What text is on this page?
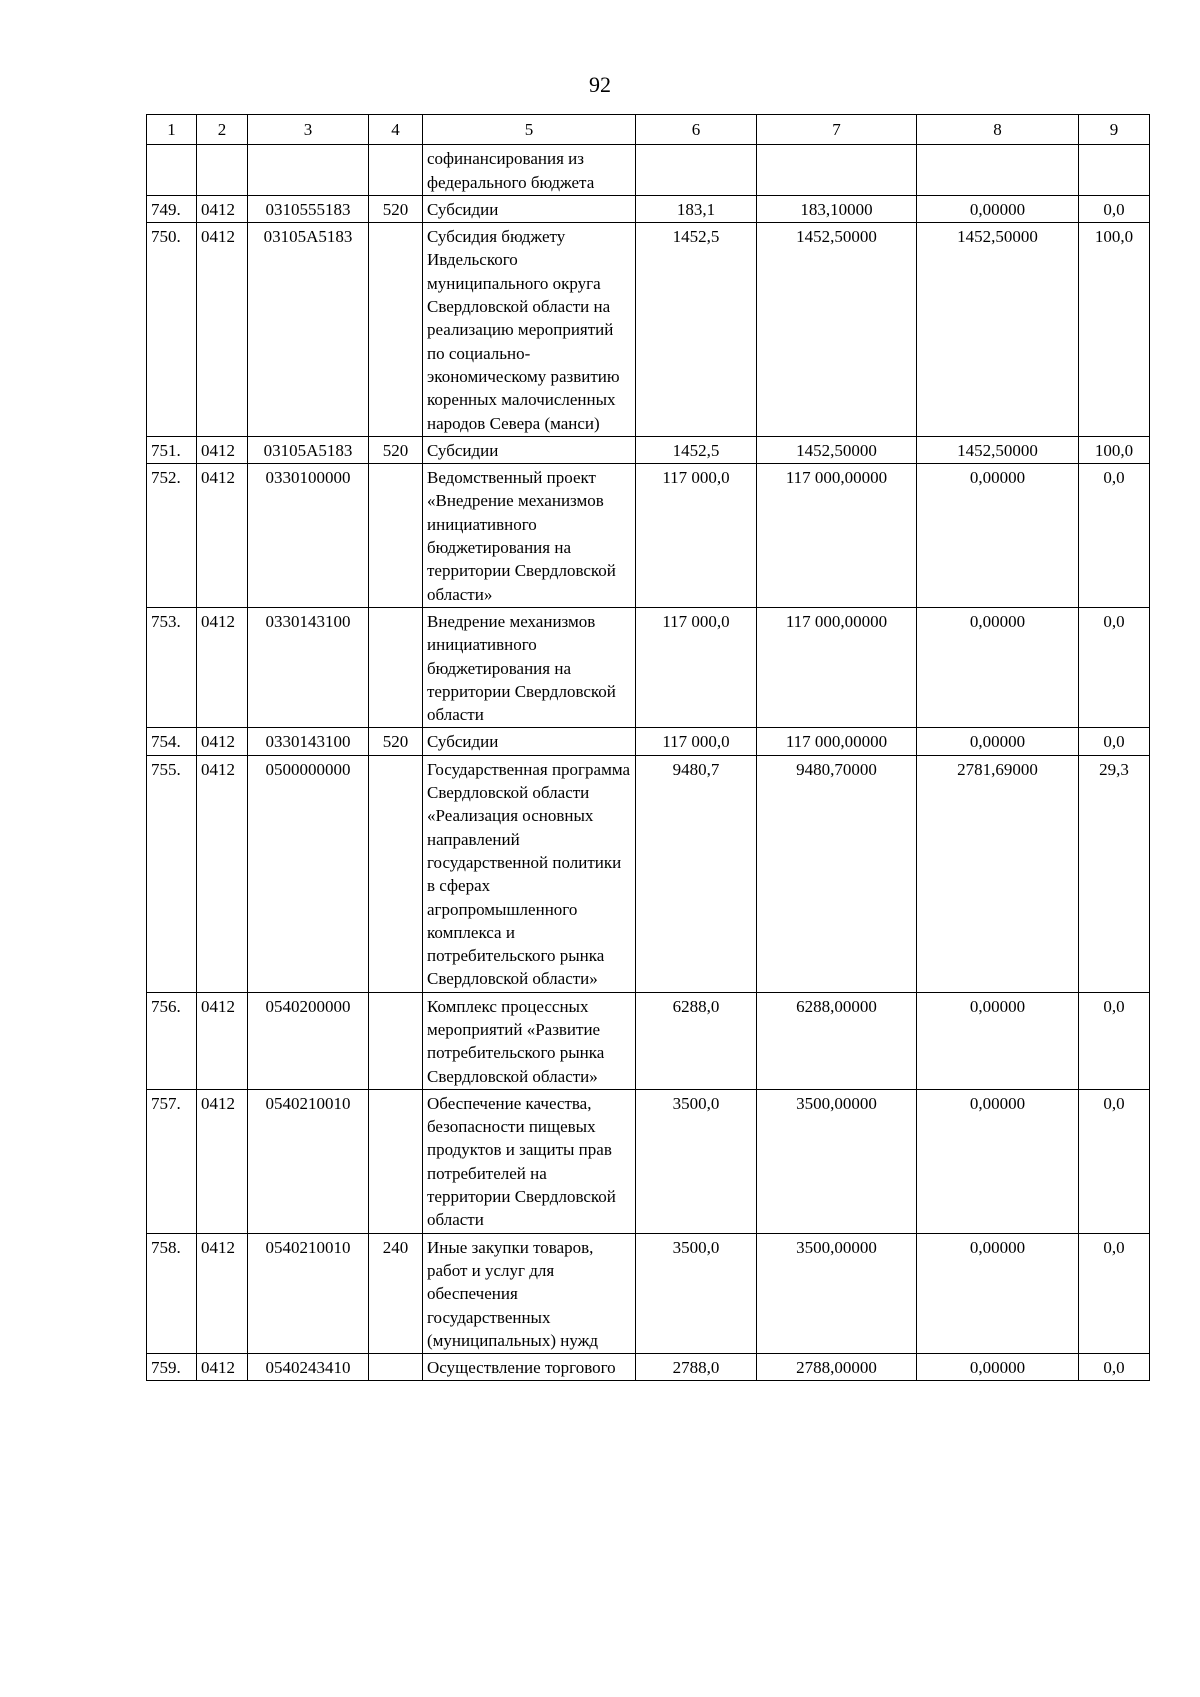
92
1	2	3	4	5	6	7	8	9
				софинансирования из федерального бюджета				
749.	0412	0310555183	520	Субсидии	183,1	183,10000	0,00000	0,0
750.	0412	03105А5183		Субсидия бюджету Ивдельского муниципального округа Свердловской области на реализацию мероприятий по социально-экономическому развитию коренных малочисленных народов Севера (манси)	1452,5	1452,50000	1452,50000	100,0
751.	0412	03105А5183	520	Субсидии	1452,5	1452,50000	1452,50000	100,0
752.	0412	0330100000		Ведомственный проект «Внедрение механизмов инициативного бюджетирования на территории Свердловской области»	117 000,0	117 000,00000	0,00000	0,0
753.	0412	0330143100		Внедрение механизмов инициативного бюджетирования на территории Свердловской области	117 000,0	117 000,00000	0,00000	0,0
754.	0412	0330143100	520	Субсидии	117 000,0	117 000,00000	0,00000	0,0
755.	0412	0500000000		Государственная программа Свердловской области «Реализация основных направлений государственной политики в сферах агропромышленного комплекса и потребительского рынка Свердловской области»	9480,7	9480,70000	2781,69000	29,3
756.	0412	0540200000		Комплекс процессных мероприятий «Развитие потребительского рынка Свердловской области»	6288,0	6288,00000	0,00000	0,0
757.	0412	0540210010		Обеспечение качества, безопасности пищевых продуктов и защиты прав потребителей на территории Свердловской области	3500,0	3500,00000	0,00000	0,0
758.	0412	0540210010	240	Иные закупки товаров, работ и услуг для обеспечения государственных (муниципальных) нужд	3500,0	3500,00000	0,00000	0,0
759.	0412	0540243410		Осуществление торгового	2788,0	2788,00000	0,00000	0,0
